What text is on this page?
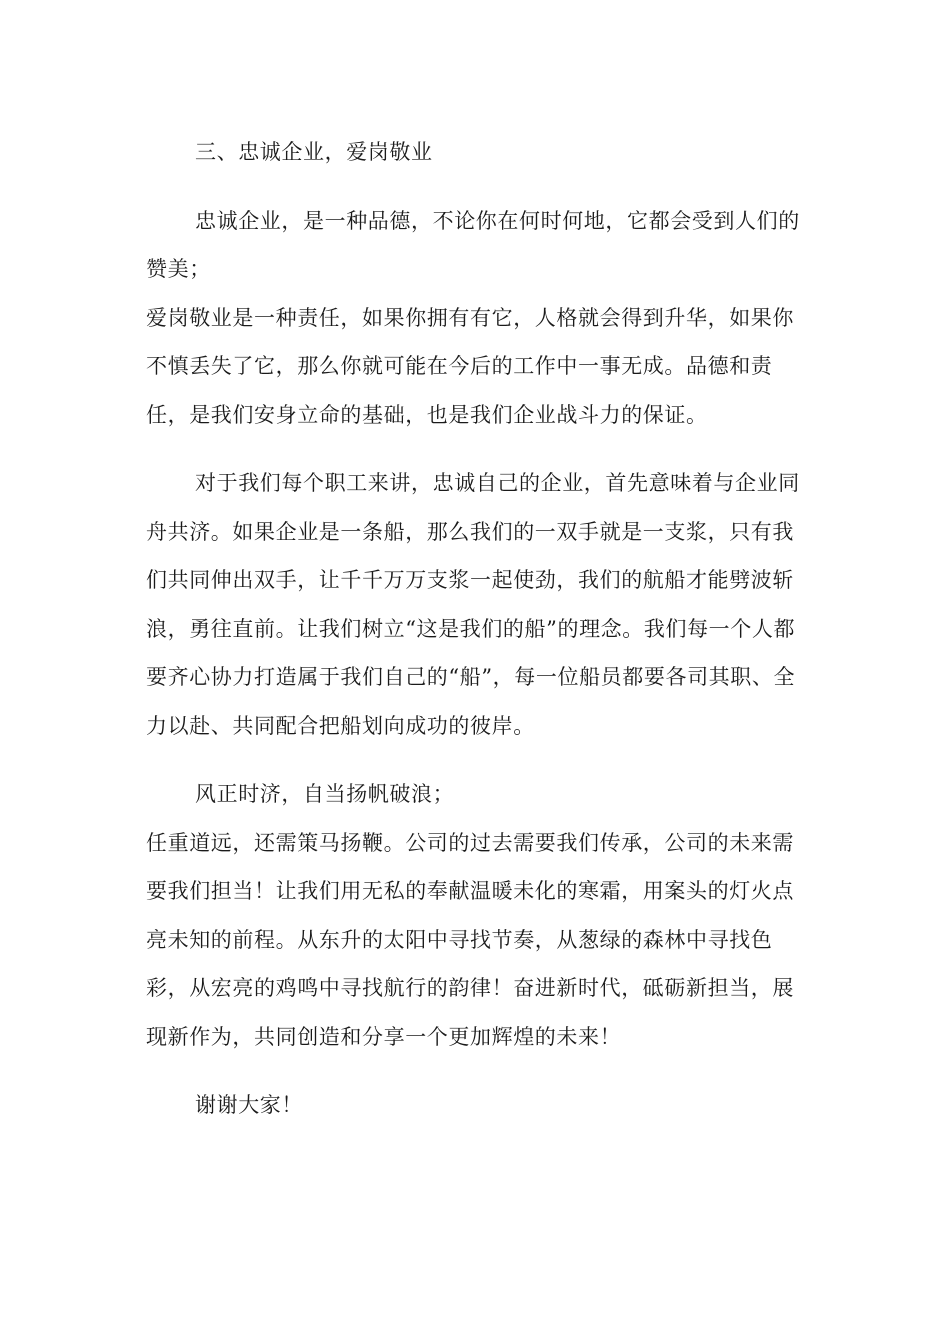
三、忠诚企业，爱岗敬业

忠诚企业，是一种品德，不论你在何时何地，它都会受到人们的赞美；

爱岗敬业是一种责任，如果你拥有有它，人格就会得到升华，如果你不慎丢失了它，那么你就可能在今后的工作中一事无成。品德和责任，是我们安身立命的基础，也是我们企业战斗力的保证。

对于我们每个职工来讲，忠诚自己的企业，首先意味着与企业同舟共济。如果企业是一条船，那么我们的一双手就是一支浆，只有我们共同伸出双手，让千千万万支浆一起使劲，我们的航船才能劈波斩浪，勇往直前。让我们树立“这是我们的船”的理念。我们每一个人都要齐心协力打造属于我们自己的“船”，每一位船员都要各司其职、全力以赴、共同配合把船划向成功的彼岸。

风正时济，自当扬帆破浪；

任重道远，还需策马扬鞭。公司的过去需要我们传承，公司的未来需要我们担当！让我们用无私的奉献温暖未化的寒霜，用案头的灯火点亮未知的前程。从东升的太阳中寻找节奏，从葱绿的森林中寻找色彩，从宏亮的鸡鸣中寻找航行的韵律！奋进新时代，砥砺新担当，展现新作为，共同创造和分享一个更加辉煌的未来！

谢谢大家！
